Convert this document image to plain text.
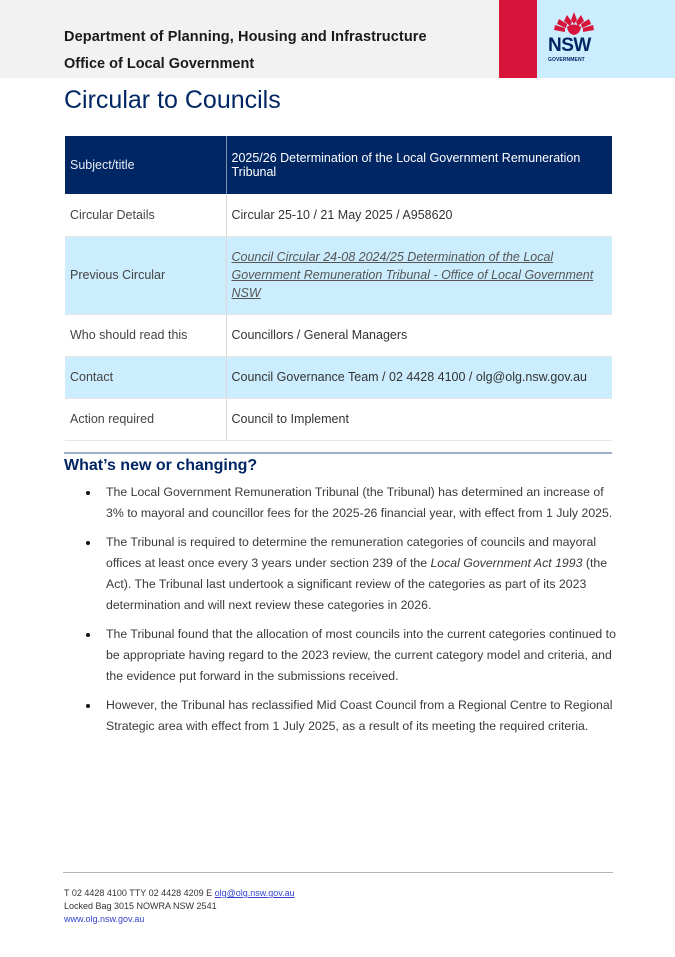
Department of Planning, Housing and Infrastructure
Office of Local Government
NSW
GOVERNMENT
Circular to Councils
Subject/title	2025/26 Determination of the Local Government Remuneration Tribunal
Circular Details	Circular 25-10 / 21 May 2025 / A958620
Previous Circular	Council Circular 24-08 2024/25 Determination of the Local Government Remuneration Tribunal - Office of Local Government NSW
Who should read this	Councillors / General Managers
Contact	Council Governance Team / 02 4428 4100 / olg@olg.nsw.gov.au
Action required	Council to Implement
What’s new or changing?
The Local Government Remuneration Tribunal (the Tribunal) has determined an increase of 3% to mayoral and councillor fees for the 2025-26 financial year, with effect from 1 July 2025.
The Tribunal is required to determine the remuneration categories of councils and mayoral offices at least once every 3 years under section 239 of the Local Government Act 1993 (the Act). The Tribunal last undertook a significant review of the categories as part of its 2023 determination and will next review these categories in 2026.
The Tribunal found that the allocation of most councils into the current categories continued to be appropriate having regard to the 2023 review, the current category model and criteria, and the evidence put forward in the submissions received.
However, the Tribunal has reclassified Mid Coast Council from a Regional Centre to Regional Strategic area with effect from 1 July 2025, as a result of its meeting the required criteria.
T 02 4428 4100 TTY 02 4428 4209 E olg@olg.nsw.gov.au
Locked Bag 3015 NOWRA NSW 2541
www.olg.nsw.gov.au
